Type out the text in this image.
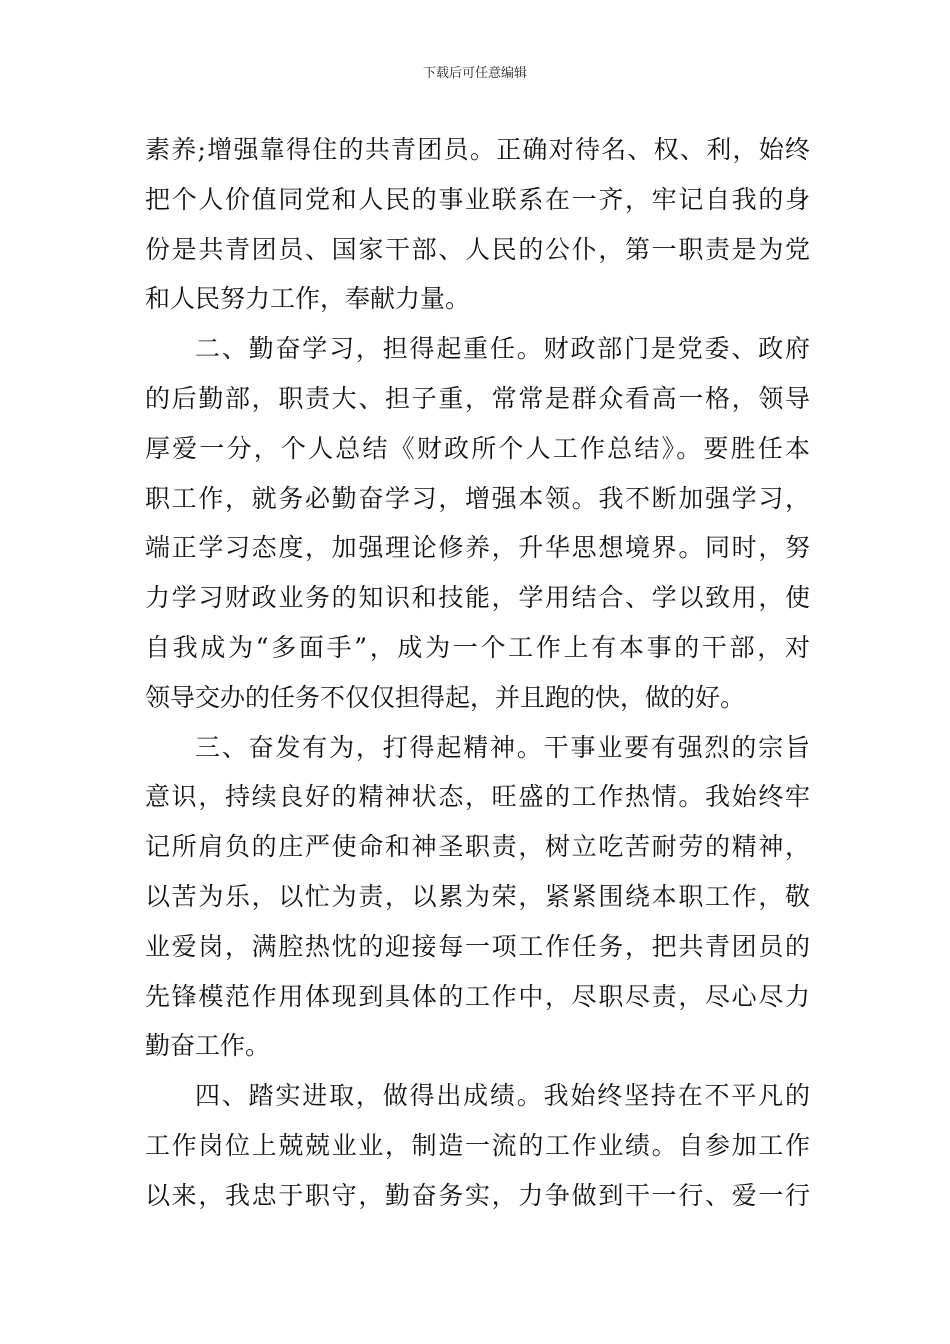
下载后可任意编辑
素养;增强靠得住的共青团员。正确对待名、权、利，始终
把个人价值同党和人民的事业联系在一齐，牢记自我的身
份是共青团员、国家干部、人民的公仆，第一职责是为党
和人民努力工作，奉献力量。
二、勤奋学习，担得起重任。财政部门是党委、政府
的后勤部，职责大、担子重，常常是群众看高一格，领导
厚爱一分，个人总结《财政所个人工作总结》。要胜任本
职工作，就务必勤奋学习，增强本领。我不断加强学习，
端正学习态度，加强理论修养，升华思想境界。同时，努
力学习财政业务的知识和技能，学用结合、学以致用，使
自我成为“多面手”，成为一个工作上有本事的干部，对
领导交办的任务不仅仅担得起，并且跑的快，做的好。
三、奋发有为，打得起精神。干事业要有强烈的宗旨
意识，持续良好的精神状态，旺盛的工作热情。我始终牢
记所肩负的庄严使命和神圣职责，树立吃苦耐劳的精神，
以苦为乐，以忙为责，以累为荣，紧紧围绕本职工作，敬
业爱岗，满腔热忱的迎接每一项工作任务，把共青团员的
先锋模范作用体现到具体的工作中，尽职尽责，尽心尽力
勤奋工作。
四、踏实进取，做得出成绩。我始终坚持在不平凡的
工作岗位上兢兢业业，制造一流的工作业绩。自参加工作
以来，我忠于职守，勤奋务实，力争做到干一行、爱一行
